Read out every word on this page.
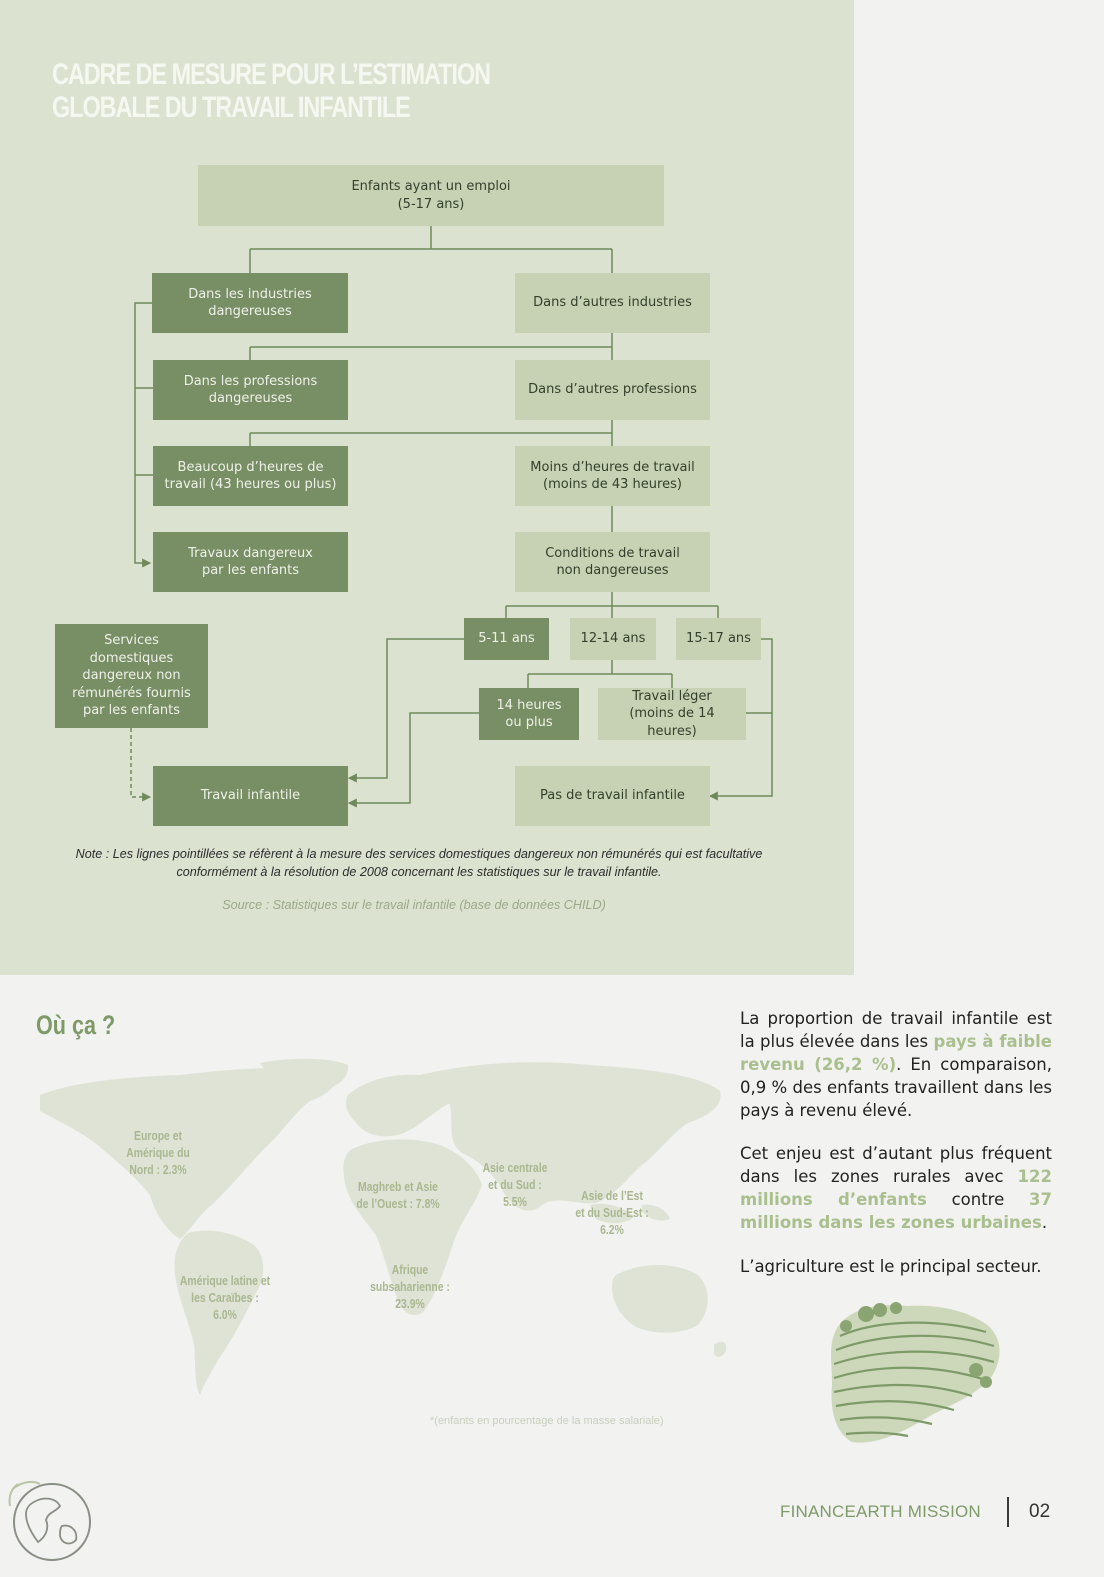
CADRE DE MESURE POUR L’ESTIMATION GLOBALE DU TRAVAIL INFANTILE
Enfants ayant un emploi
(5-17 ans)
Dans les industries
dangereuses
Dans d’autres industries
Dans les professions
dangereuses
Dans d’autres professions
Beaucoup d’heures de
travail (43 heures ou plus)
Moins d’heures de travail
(moins de 43 heures)
Travaux dangereux
par les enfants
Conditions de travail
non dangereuses
Services
domestiques
dangereux non
rémunérés fournis
par les enfants
5-11 ans	12-14 ans	15-17 ans
14 heures
ou plus
Travail léger
(moins de 14 heures)
Travail infantile	Pas de travail infantile
Note : Les lignes pointillées se réfèrent à la mesure des services domestiques dangereux non rémunérés qui est facultative conformément à la résolution de 2008 concernant les statistiques sur le travail infantile.
Source : Statistiques sur le travail infantile (base de données CHILD)
Où ça ?
Europe et
Amérique du
Nord : 2.3%
Amérique latine et
les Caraïbes :
6.0%
Maghreb et Asie
de l’Ouest : 7.8%
Afrique
subsaharienne :
23.9%
Asie centrale
et du Sud :
5.5%	Asie de l’Est
et du Sud-Est :
6.2%
*(enfants en pourcentage de la masse salariale)
La proportion de travail infantile est la plus élevée dans les pays à faible revenu (26,2 %). En comparaison, 0,9 % des enfants travaillent dans les pays à revenu élevé.
Cet enjeu est d’autant plus fréquent dans les zones rurales avec 122 millions d’enfants contre 37 millions dans les zones urbaines.
L’agriculture est le principal secteur.
FINANCEARTH MISSION	02
